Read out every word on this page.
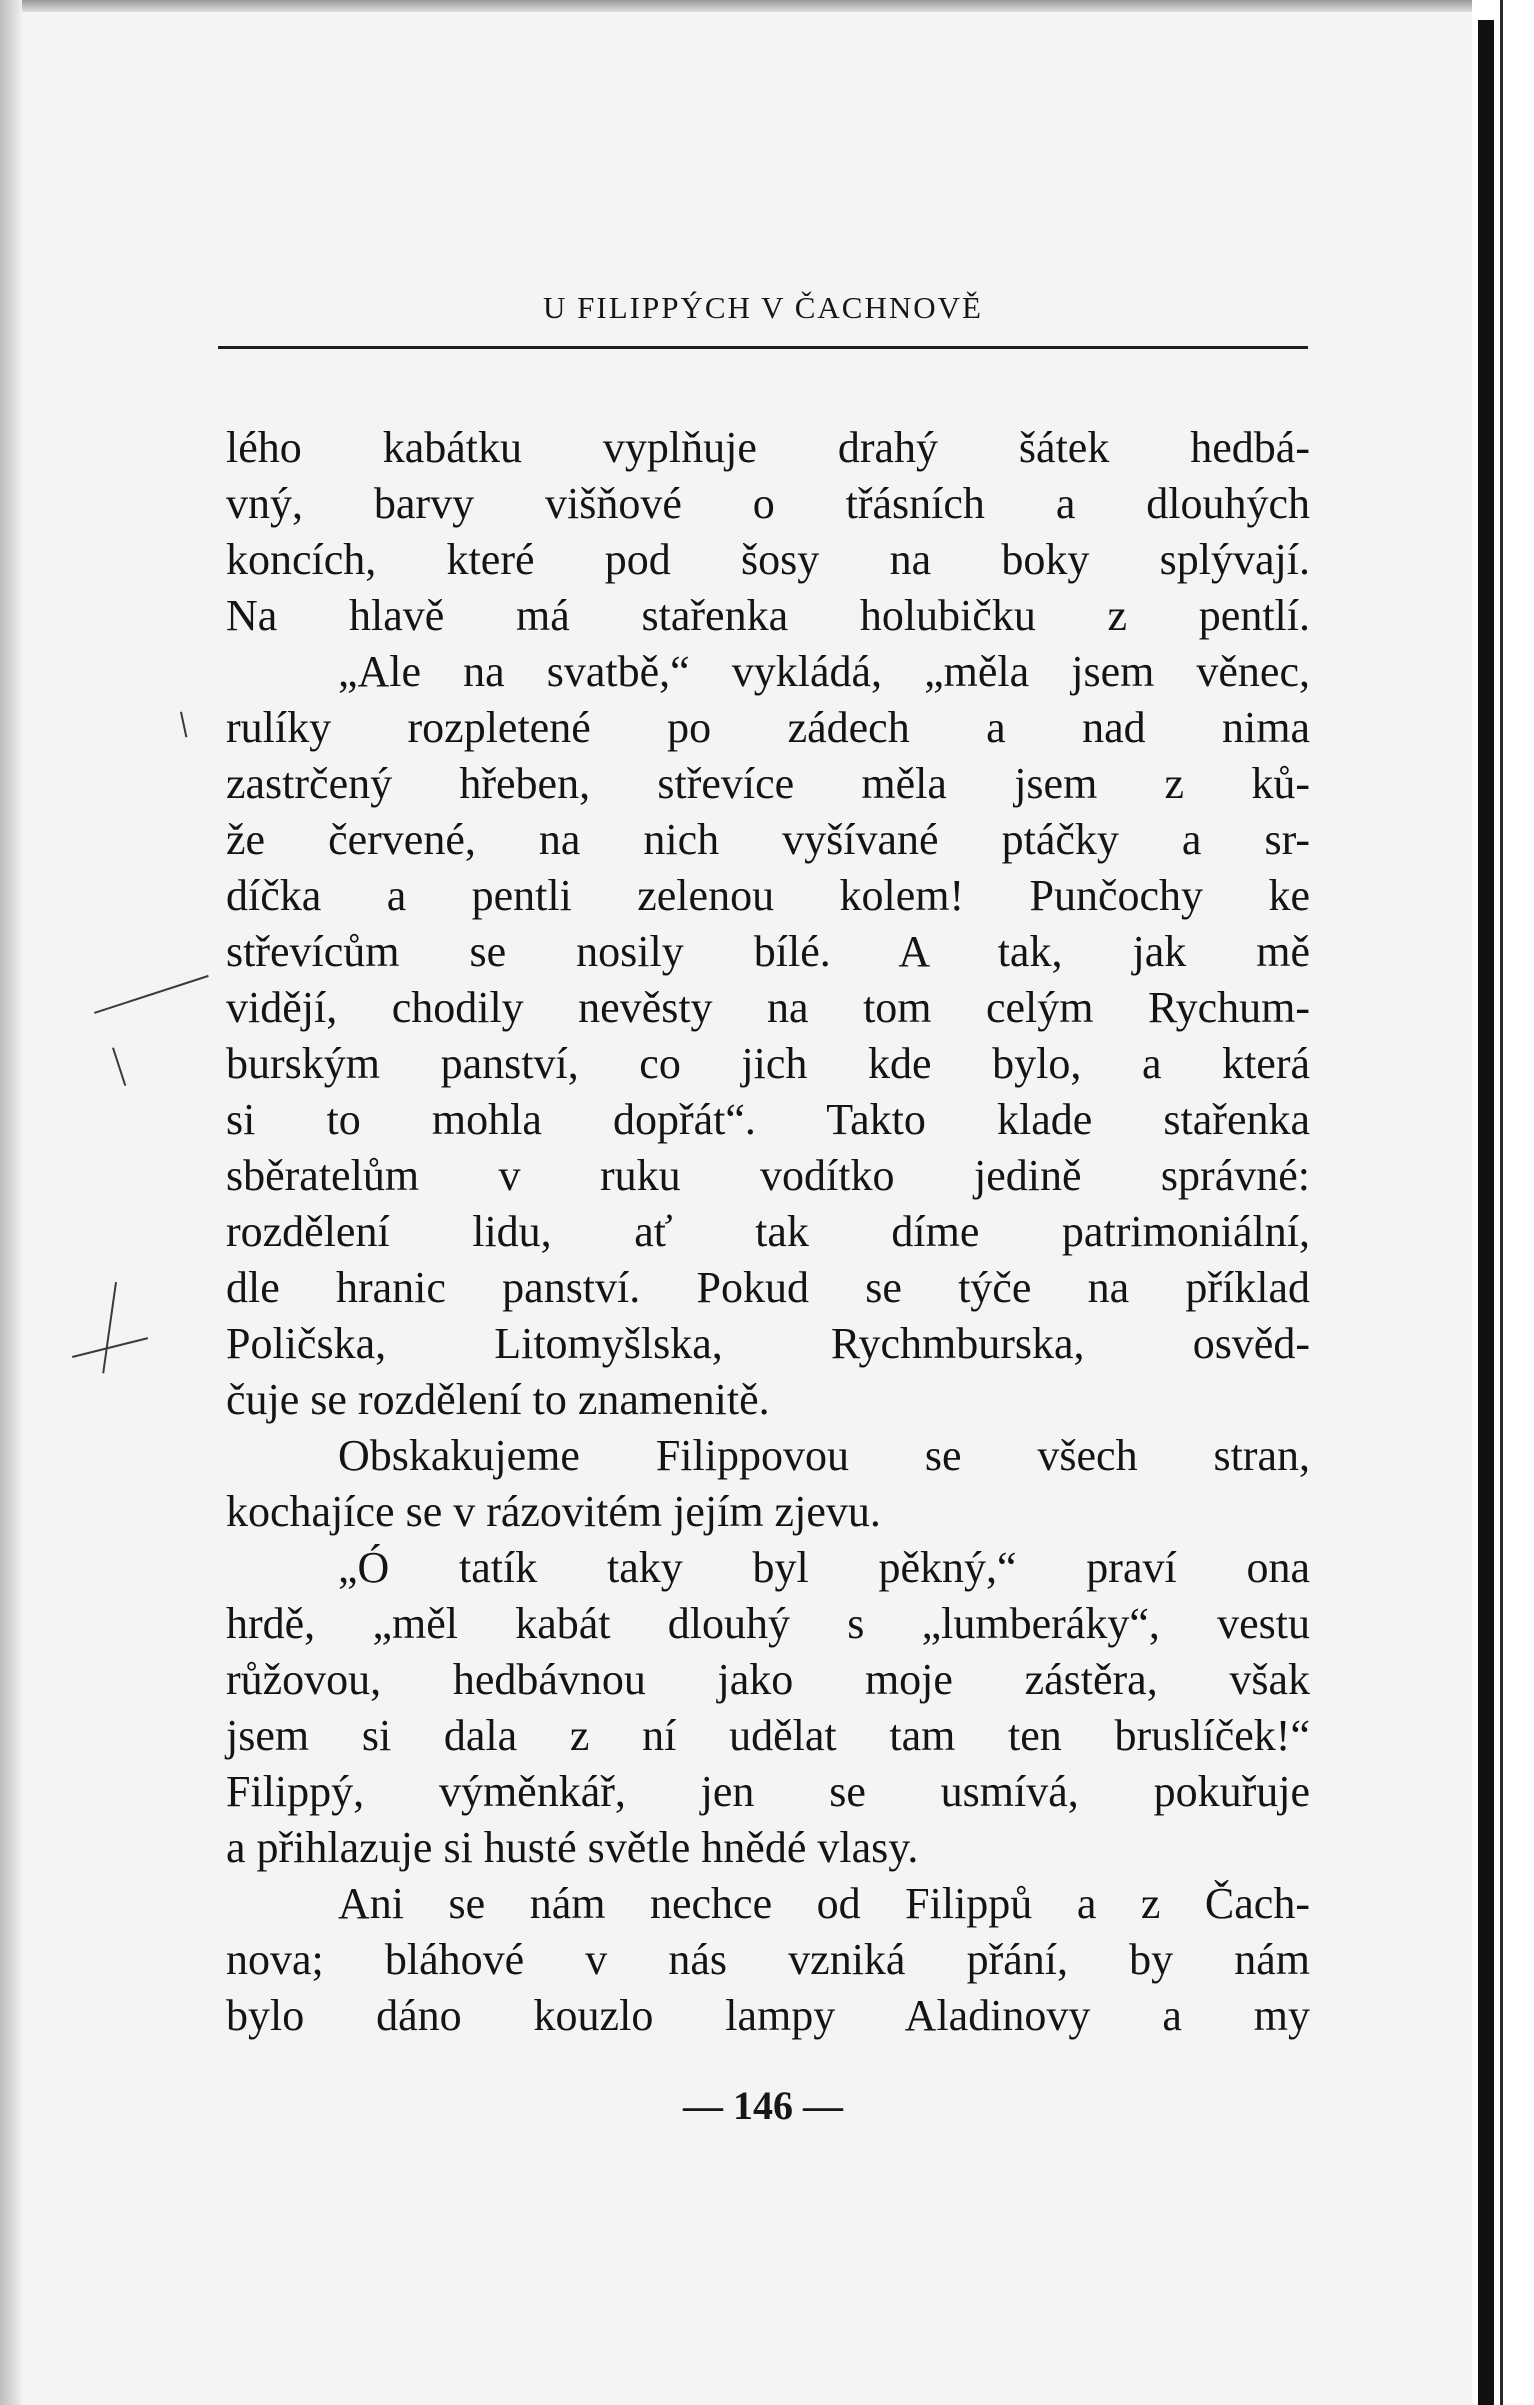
U FILIPPÝCH V ČACHNOVĚ
lého kabátku vyplňuje drahý šátek hedbá-
vný, barvy višňové o třásních a dlouhých
koncích, které pod šosy na boky splývají.
Na hlavě má stařenka holubičku z pentlí.
„Ale na svatbě,“ vykládá, „měla jsem věnec,
rulíky rozpletené po zádech a nad nima
zastrčený hřeben, střevíce měla jsem z ků-
že červené, na nich vyšívané ptáčky a sr-
díčka a pentli zelenou kolem! Punčochy ke
střevícům se nosily bílé. A tak, jak mě
vidějí, chodily nevěsty na tom celým Rychum-
burským panství, co jich kde bylo, a která
si to mohla dopřát“. Takto klade stařenka
sběratelům v ruku vodítko jedině správné:
rozdělení lidu, ať tak díme patrimoniální,
dle hranic panství. Pokud se týče na příklad
Poličska, Litomyšlska, Rychmburska, osvěd-
čuje se rozdělení to znamenitě.
Obskakujeme Filippovou se všech stran,
kochajíce se v rázovitém jejím zjevu.
„Ó tatík taky byl pěkný,“ praví ona
hrdě, „měl kabát dlouhý s „lumberáky“, vestu
růžovou, hedbávnou jako moje zástěra, však
jsem si dala z ní udělat tam ten bruslíček!“
Filippý, výměnkář, jen se usmívá, pokuřuje
a přihlazuje si husté světle hnědé vlasy.
Ani se nám nechce od Filippů a z Čach-
nova; bláhové v nás vzniká přání, by nám
bylo dáno kouzlo lampy Aladinovy a my
— 146 —
